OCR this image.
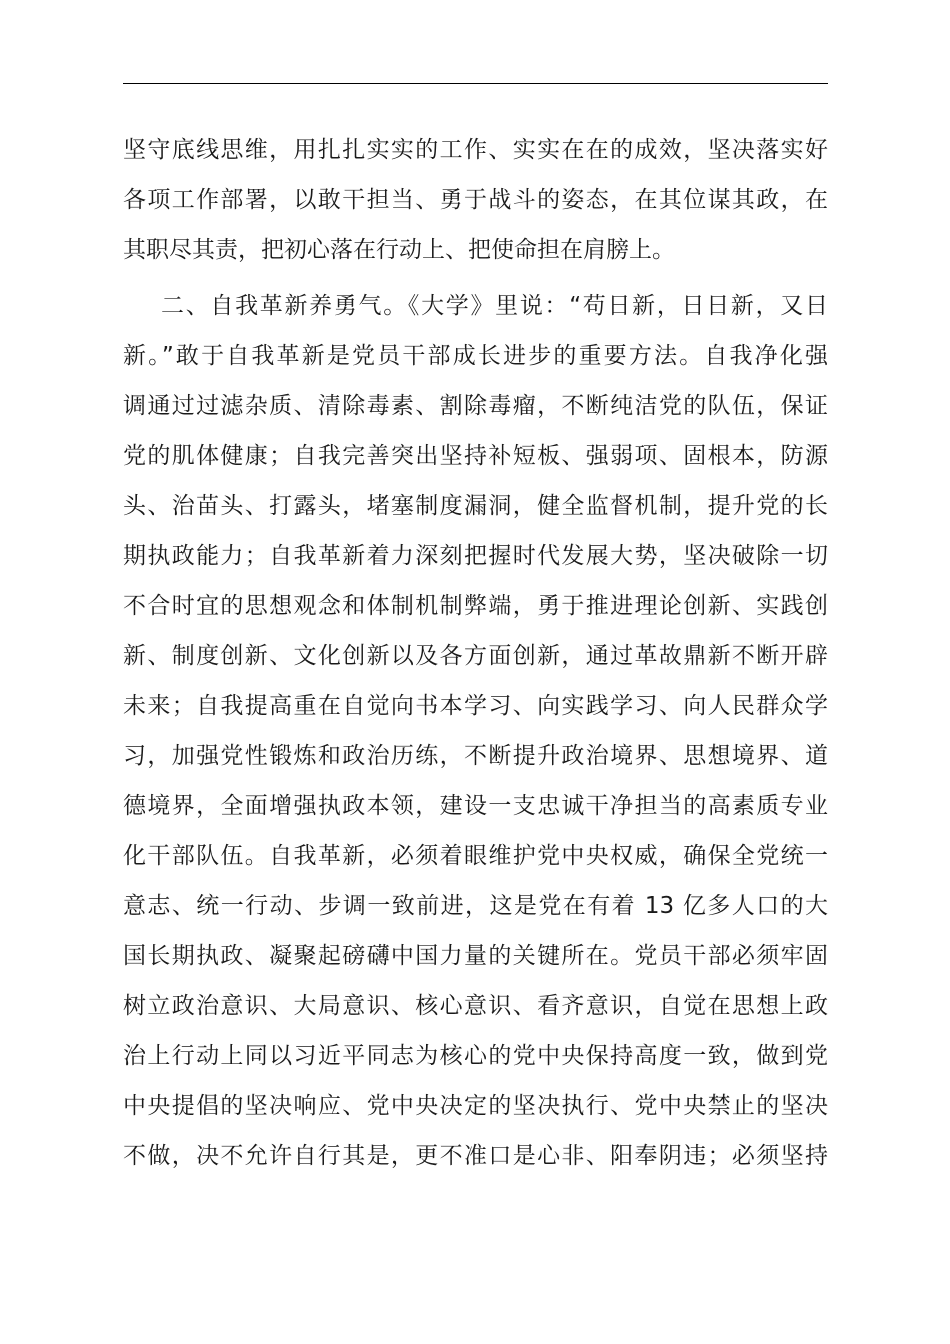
坚守底线思维，用扎扎实实的工作、实实在在的成效，坚决落实好
各项工作部署，以敢干担当、勇于战斗的姿态，在其位谋其政，在
其职尽其责，把初心落在行动上、把使命担在肩膀上。
二、自我革新养勇气。《大学》里说：“苟日新，日日新，又日
新。”敢于自我革新是党员干部成长进步的重要方法。自我净化强
调通过过滤杂质、清除毒素、割除毒瘤，不断纯洁党的队伍，保证
党的肌体健康；自我完善突出坚持补短板、强弱项、固根本，防源
头、治苗头、打露头，堵塞制度漏洞，健全监督机制，提升党的长
期执政能力；自我革新着力深刻把握时代发展大势，坚决破除一切
不合时宜的思想观念和体制机制弊端，勇于推进理论创新、实践创
新、制度创新、文化创新以及各方面创新，通过革故鼎新不断开辟
未来；自我提高重在自觉向书本学习、向实践学习、向人民群众学
习，加强党性锻炼和政治历练，不断提升政治境界、思想境界、道
德境界，全面增强执政本领，建设一支忠诚干净担当的高素质专业
化干部队伍。自我革新，必须着眼维护党中央权威，确保全党统一
意志、统一行动、步调一致前进，这是党在有着 13 亿多人口的大
国长期执政、凝聚起磅礴中国力量的关键所在。党员干部必须牢固
树立政治意识、大局意识、核心意识、看齐意识，自觉在思想上政
治上行动上同以习近平同志为核心的党中央保持高度一致，做到党
中央提倡的坚决响应、党中央决定的坚决执行、党中央禁止的坚决
不做，决不允许自行其是，更不准口是心非、阳奉阴违；必须坚持
